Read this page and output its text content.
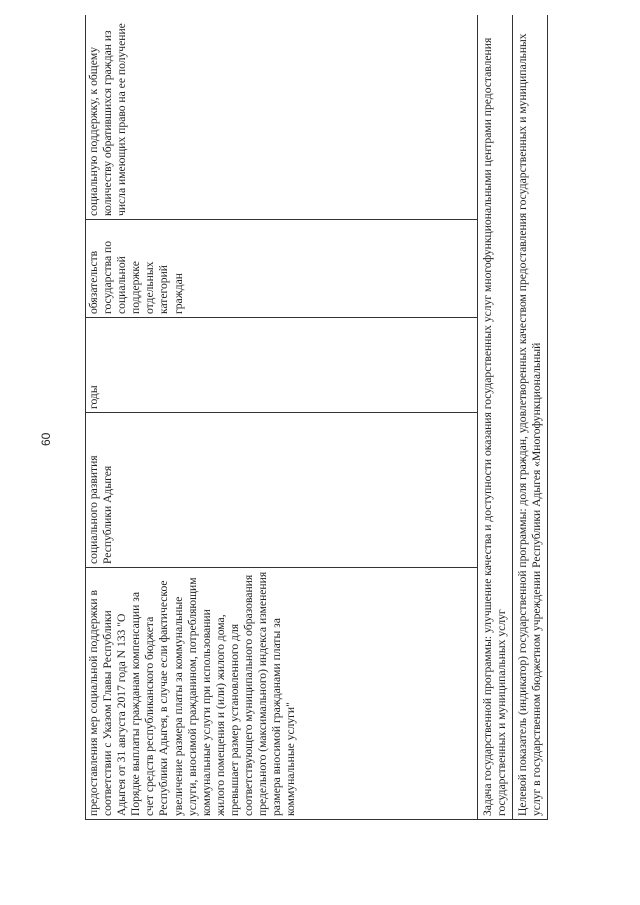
60
предоставления мер социальной поддержки в соответствии с Указом Главы Республики Адыгея от 31 августа 2017 года N 133 "О Порядке выплаты гражданам компенсации за счет средств республиканского бюджета Республики Адыгея, в случае если фактическое увеличение размера платы за коммунальные услуги, вносимой гражданином, потребляющим коммунальные услуги при использовании жилого помещения и (или) жилого дома, превышает размер установленного для соответствующего муниципального образования предельного (максимального) индекса изменения размера вносимой гражданами платы за коммунальные услуги"	социального развития Республики Адыгея	годы	обязательств государства по социальной поддержке отдельных категорий граждан	социальную поддержку, к общему количеству обратившихся граждан из числа имеющих право на ее получение
Задача государственной программы: улучшение качества и доступности оказания государственных услуг многофункциональными центрами предоставления государственных и муниципальных услуг
Целевой показатель (индикатор) государственной программы: доля граждан, удовлетворенных качеством предоставления государственных и муниципальных услуг в государственном бюджетном учреждении Республики Адыгея «Многофункциональный
